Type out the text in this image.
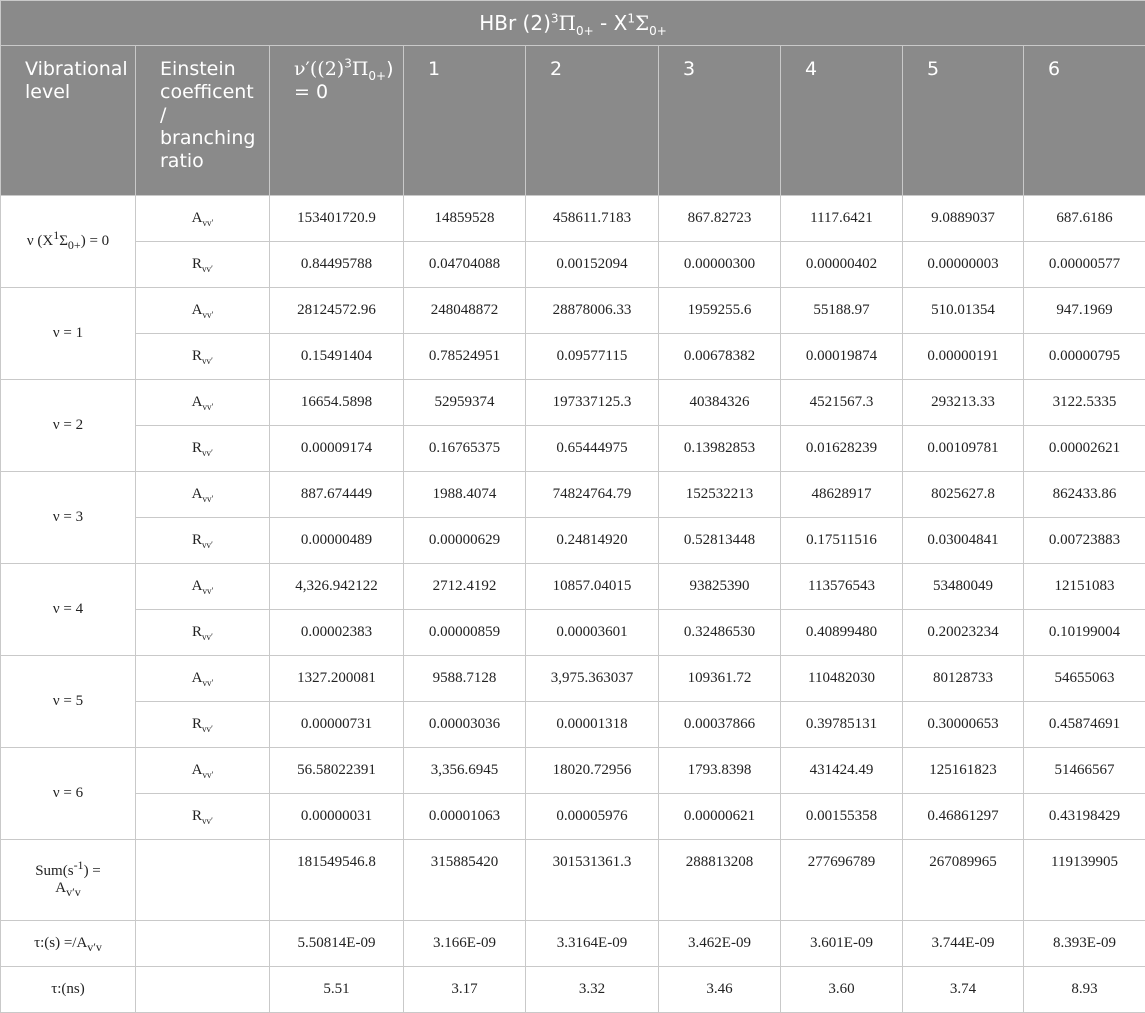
HBr $(2)^3\Pi_{0+} - X^1\Sigma_{0+}$
Vibrational level	Einstein coefficent / branching ratio	$\nu'((2)^3\Pi_{0+}) = 0$	1	2	3	4	5	6
ν $(X^1\Sigma_{0+}) = 0$	$A_{vv'}$	153401720.9	14859528	458611.7183	867.82723	1117.6421	9.0889037	687.6186
	$R_{vv'}$	0.84495788	0.04704088	0.00152094	0.00000300	0.00000402	0.00000003	0.00000577
ν = 1	$A_{vv'}$	28124572.96	248048872	28878006.33	1959255.6	55188.97	510.01354	947.1969
	$R_{vv'}$	0.15491404	0.78524951	0.09577115	0.00678382	0.00019874	0.00000191	0.00000795
ν = 2	$A_{vv'}$	16654.5898	52959374	197337125.3	40384326	4521567.3	293213.33	3122.5335
	$R_{vv'}$	0.00009174	0.16765375	0.65444975	0.13982853	0.01628239	0.00109781	0.00002621
ν = 3	$A_{vv'}$	887.674449	1988.4074	74824764.79	152532213	48628917	8025627.8	862433.86
	$R_{vv'}$	0.00000489	0.00000629	0.24814920	0.52813448	0.17511516	0.03004841	0.00723883
ν = 4	$A_{vv'}$	4,326.942122	2712.4192	10857.04015	93825390	113576543	53480049	12151083
	$R_{vv'}$	0.00002383	0.00000859	0.00003601	0.32486530	0.40899480	0.20023234	0.10199004
ν = 5	$A_{vv'}$	1327.200081	9588.7128	3,975.363037	109361.72	110482030	80128733	54655063
	$R_{vv'}$	0.00000731	0.00003036	0.00001318	0.00037866	0.39785131	0.30000653	0.45874691
ν = 6	$A_{vv'}$	56.58022391	3,356.6945	18020.72956	1793.8398	431424.49	125161823	51466567
	$R_{vv'}$	0.00000031	0.00001063	0.00005976	0.00000621	0.00155358	0.46861297	0.43198429
$Sum(s^{-1})$ =
$A_{v'v}$		181549546.8	315885420	301531361.3	288813208	277696789	267089965	119139905
τ:(s) $=/A_{v'v}$		5.50814E-09	3.166E-09	3.3164E-09	3.462E-09	3.601E-09	3.744E-09	8.393E-09
τ:(ns)		5.51	3.17	3.32	3.46	3.60	3.74	8.93
